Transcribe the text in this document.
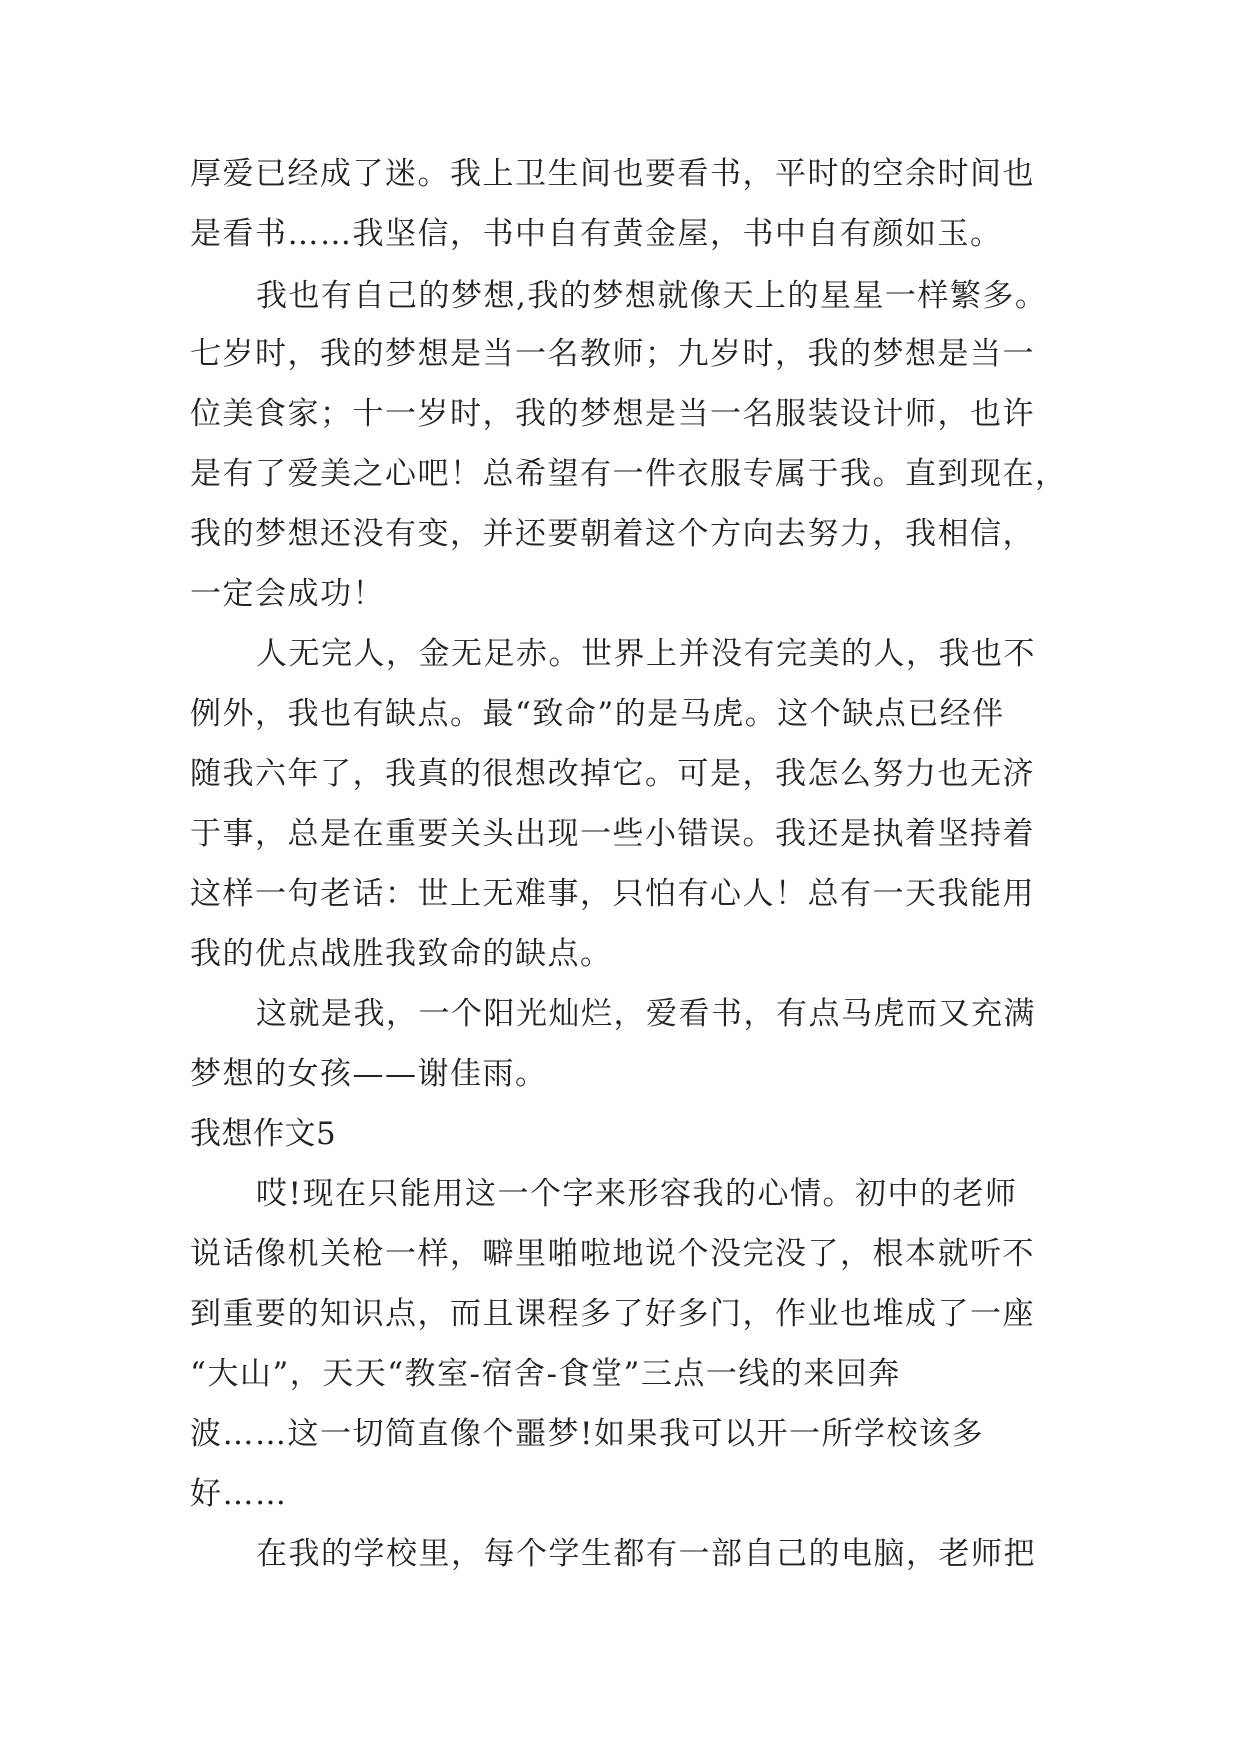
厚爱已经成了迷。我上卫生间也要看书，平时的空余时间也
是看书……我坚信，书中自有黄金屋，书中自有颜如玉。
我也有自己的梦想,我的梦想就像天上的星星一样繁多。
七岁时，我的梦想是当一名教师；九岁时，我的梦想是当一
位美食家；十一岁时，我的梦想是当一名服装设计师，也许
是有了爱美之心吧！总希望有一件衣服专属于我。直到现在，
我的梦想还没有变，并还要朝着这个方向去努力，我相信，
一定会成功！
人无完人，金无足赤。世界上并没有完美的人，我也不
例外，我也有缺点。最“致命”的是马虎。这个缺点已经伴
随我六年了，我真的很想改掉它。可是，我怎么努力也无济
于事，总是在重要关头出现一些小错误。我还是执着坚持着
这样一句老话：世上无难事，只怕有心人！总有一天我能用
我的优点战胜我致命的缺点。
这就是我，一个阳光灿烂，爱看书，有点马虎而又充满
梦想的女孩——谢佳雨。
我想作文5
哎!现在只能用这一个字来形容我的心情。初中的老师
说话像机关枪一样，噼里啪啦地说个没完没了，根本就听不
到重要的知识点，而且课程多了好多门，作业也堆成了一座
“大山”，天天“教室-宿舍-食堂”三点一线的来回奔
波……这一切简直像个噩梦!如果我可以开一所学校该多
好……
在我的学校里，每个学生都有一部自己的电脑，老师把
